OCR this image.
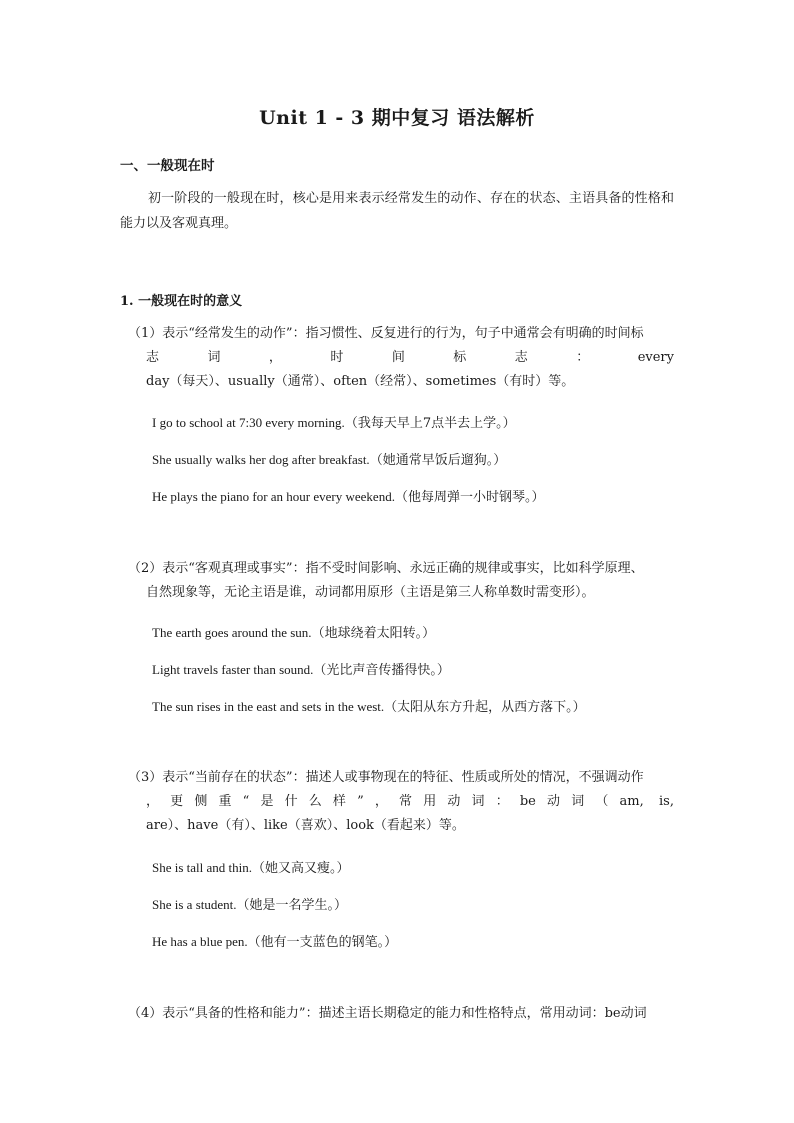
Unit 1 - 3 期中复习 语法解析
一、一般现在时
初一阶段的一般现在时，核心是用来表示经常发生的动作、存在的状态、主语具备的性格和能力以及客观真理。
1. 一般现在时的意义
（1）表示“经常发生的动作”：指习惯性、反复进行的行为，句子中通常会有明确的时间标
志 词 ， 时 间 标 志 ： every
day（每天）、usually（通常）、often（经常）、sometimes（有时）等。
I go to school at 7:30 every morning.（我每天早上7点半去上学。）
She usually walks her dog after breakfast.（她通常早饭后遛狗。）
He plays the piano for an hour every weekend.（他每周弹一小时钢琴。）
（2）表示“客观真理或事实”：指不受时间影响、永远正确的规律或事实，比如科学原理、
自然现象等，无论主语是谁，动词都用原形（主语是第三人称单数时需变形）。
The earth goes around the sun.（地球绕着太阳转。）
Light travels faster than sound.（光比声音传播得快。）
The sun rises in the east and sets in the west.（太阳从东方升起，从西方落下。）
（3）表示“当前存在的状态”：描述人或事物现在的特征、性质或所处的情况，不强调动作
，更侧重“是什么样”，常用动词：be动词（am, is,
are）、have（有）、like（喜欢）、look（看起来）等。
She is tall and thin.（她又高又瘦。）
She is a student.（她是一名学生。）
He has a blue pen.（他有一支蓝色的钢笔。）
（4）表示“具备的性格和能力”：描述主语长期稳定的能力和性格特点，常用动词：be动词
